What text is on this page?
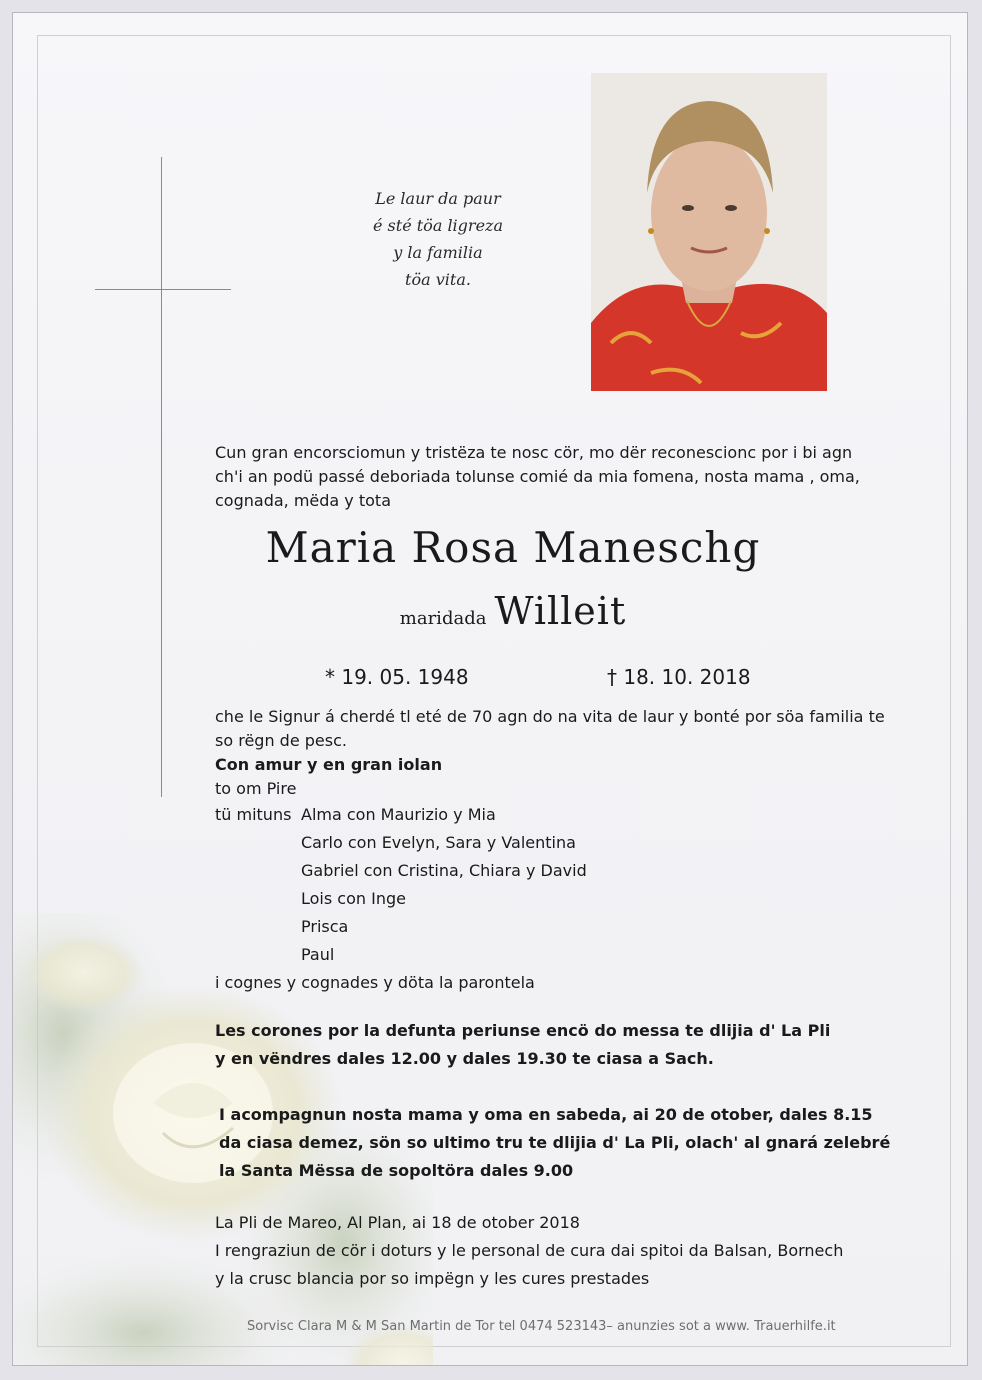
Le laur da paur
é sté töa ligreza
y la familia
töa vita.
Cun gran encorsciomun y tristëza te nosc cör, mo dër reconescionc por i bi agn
ch'i an podü passé deboriada tolunse comié da mia fomena, nosta mama , oma,
cognada, mëda y tota
Maria Rosa Maneschg
maridada Willeit
* 19. 05. 1948	† 18. 10. 2018
che le Signur á cherdé tl eté de 70 agn do na vita de laur y bonté por söa familia te
so rëgn de pesc.
Con amur y en gran iolan
to om Pire
tü mituns Alma con Maurizio y Mia
Carlo con Evelyn, Sara y Valentina
Gabriel con Cristina, Chiara y David
Lois con Inge
Prisca
Paul
i cognes y cognades y döta la parontela
Les corones por la defunta periunse encö do messa te dlijia d' La Pli
y en vëndres dales 12.00 y dales 19.30 te ciasa a Sach.
I acompagnun nosta mama y oma en sabeda, ai 20 de otober, dales 8.15
da ciasa demez, sön so ultimo tru te dlijia d' La Pli, olach' al gnará zelebré
la Santa Mëssa de sopoltöra dales 9.00
La Pli de Mareo, Al Plan, ai 18 de otober 2018
I rengraziun de cör i doturs y le personal de cura dai spitoi da Balsan, Bornech
y la crusc blancia por so impëgn y les cures prestades
Sorvisc Clara M & M San Martin de Tor tel 0474 523143– anunzies sot a www. Trauerhilfe.it
